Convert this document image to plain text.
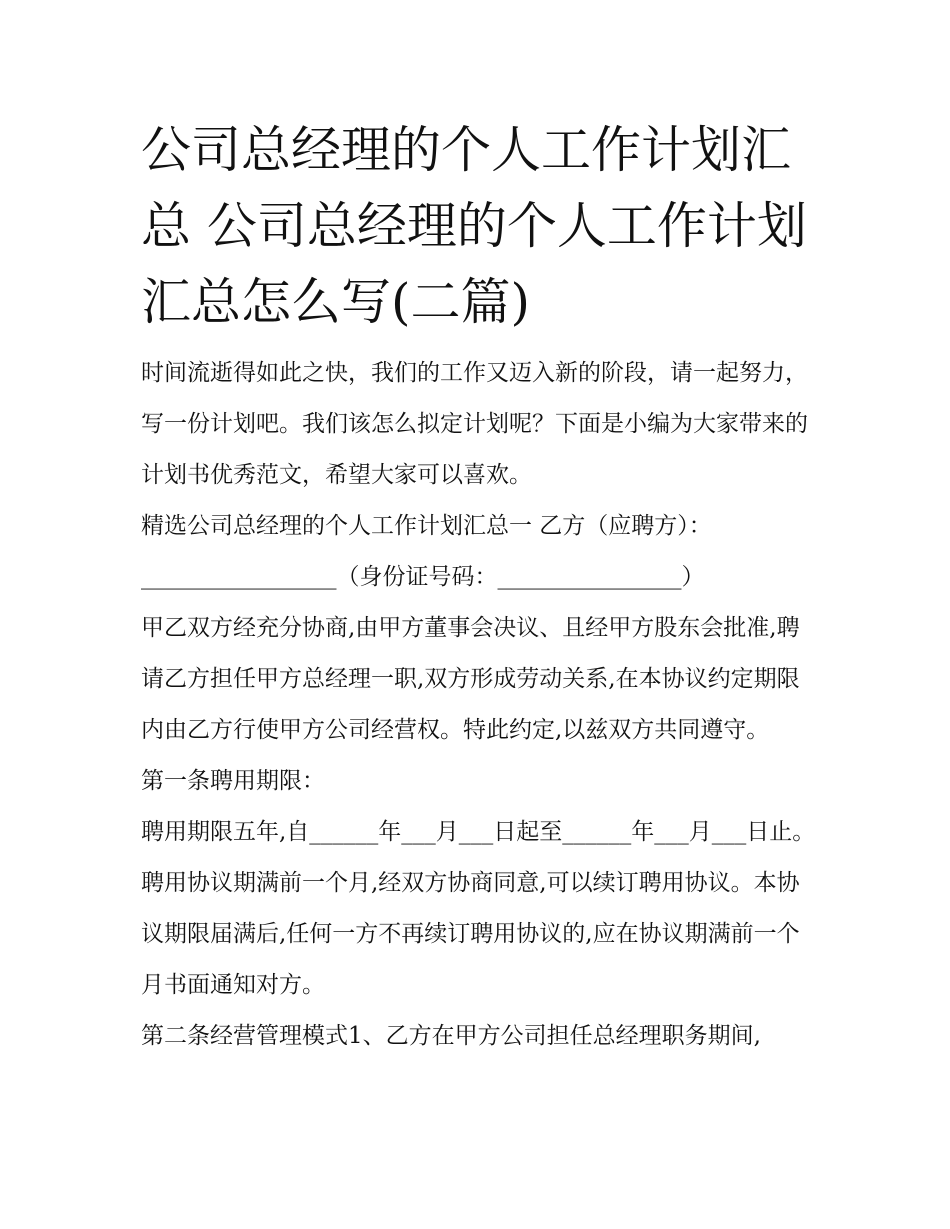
公司总经理的个人工作计划汇总 公司总经理的个人工作计划汇总怎么写(二篇)

时间流逝得如此之快，我们的工作又迈入新的阶段，请一起努力，写一份计划吧。我们该怎么拟定计划呢？下面是小编为大家带来的计划书优秀范文，希望大家可以喜欢。

精选公司总经理的个人工作计划汇总一 乙方（应聘方）：

_________________（身份证号码：________________）

甲乙双方经充分协商,由甲方董事会决议、且经甲方股东会批准,聘请乙方担任甲方总经理一职,双方形成劳动关系,在本协议约定期限内由乙方行使甲方公司经营权。特此约定,以兹双方共同遵守。

第一条聘用期限：

聘用期限五年,自______年___月___日起至______年___月___日止。聘用协议期满前一个月,经双方协商同意,可以续订聘用协议。本协议期限届满后,任何一方不再续订聘用协议的,应在协议期满前一个月书面通知对方。

第二条经营管理模式1、乙方在甲方公司担任总经理职务期间,
